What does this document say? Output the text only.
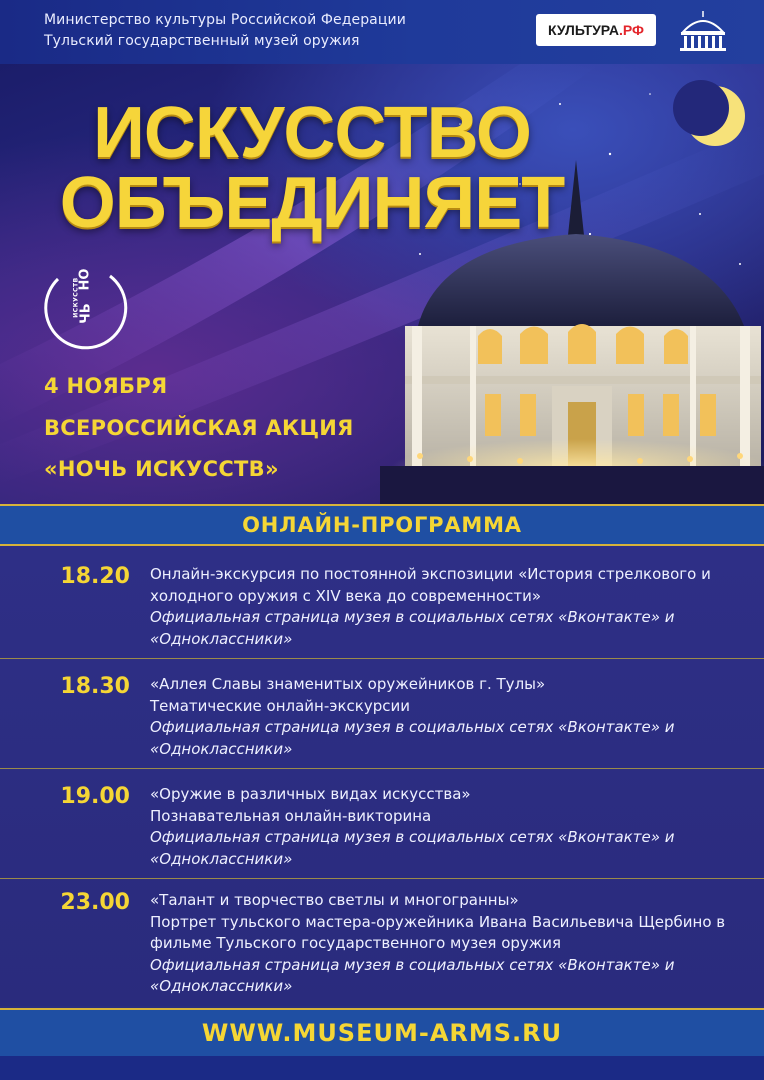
Министерство культуры Российской Федерации
Тульский государственный музей оружия
КУЛЬТУРА .РФ
НО
ИСКУССТВ
ЧЬ
ИСКУССТВО
ОБЪЕДИНЯЕТ
4 НОЯБРЯ
ВСЕРОССИЙСКАЯ АКЦИЯ
«НОЧЬ ИСКУССТВ»
ОНЛАЙН-ПРОГРАММА
18.20 Онлайн-экскурсия по постоянной экспозиции «История стрелкового и
холодного оружия с XIV века до современности»
Официальная страница музея в социальных сетях «Вконтакте» и
«Одноклассники»
18.30 «Аллея Славы знаменитых оружейников г. Тулы»
Тематические онлайн-экскурсии
Официальная страница музея в социальных сетях «Вконтакте» и
«Одноклассники»
19.00 «Оружие в различных видах искусства»
Познавательная онлайн-викторина
Официальная страница музея в социальных сетях «Вконтакте» и
«Одноклассники»
23.00 «Талант и творчество светлы и многогранны»
Портрет тульского мастера-оружейника Ивана Васильевича Щербино в
фильме Тульского государственного музея оружия
Официальная страница музея в социальных сетях «Вконтакте» и
«Одноклассники»
WWW.MUSEUM-ARMS.RU
